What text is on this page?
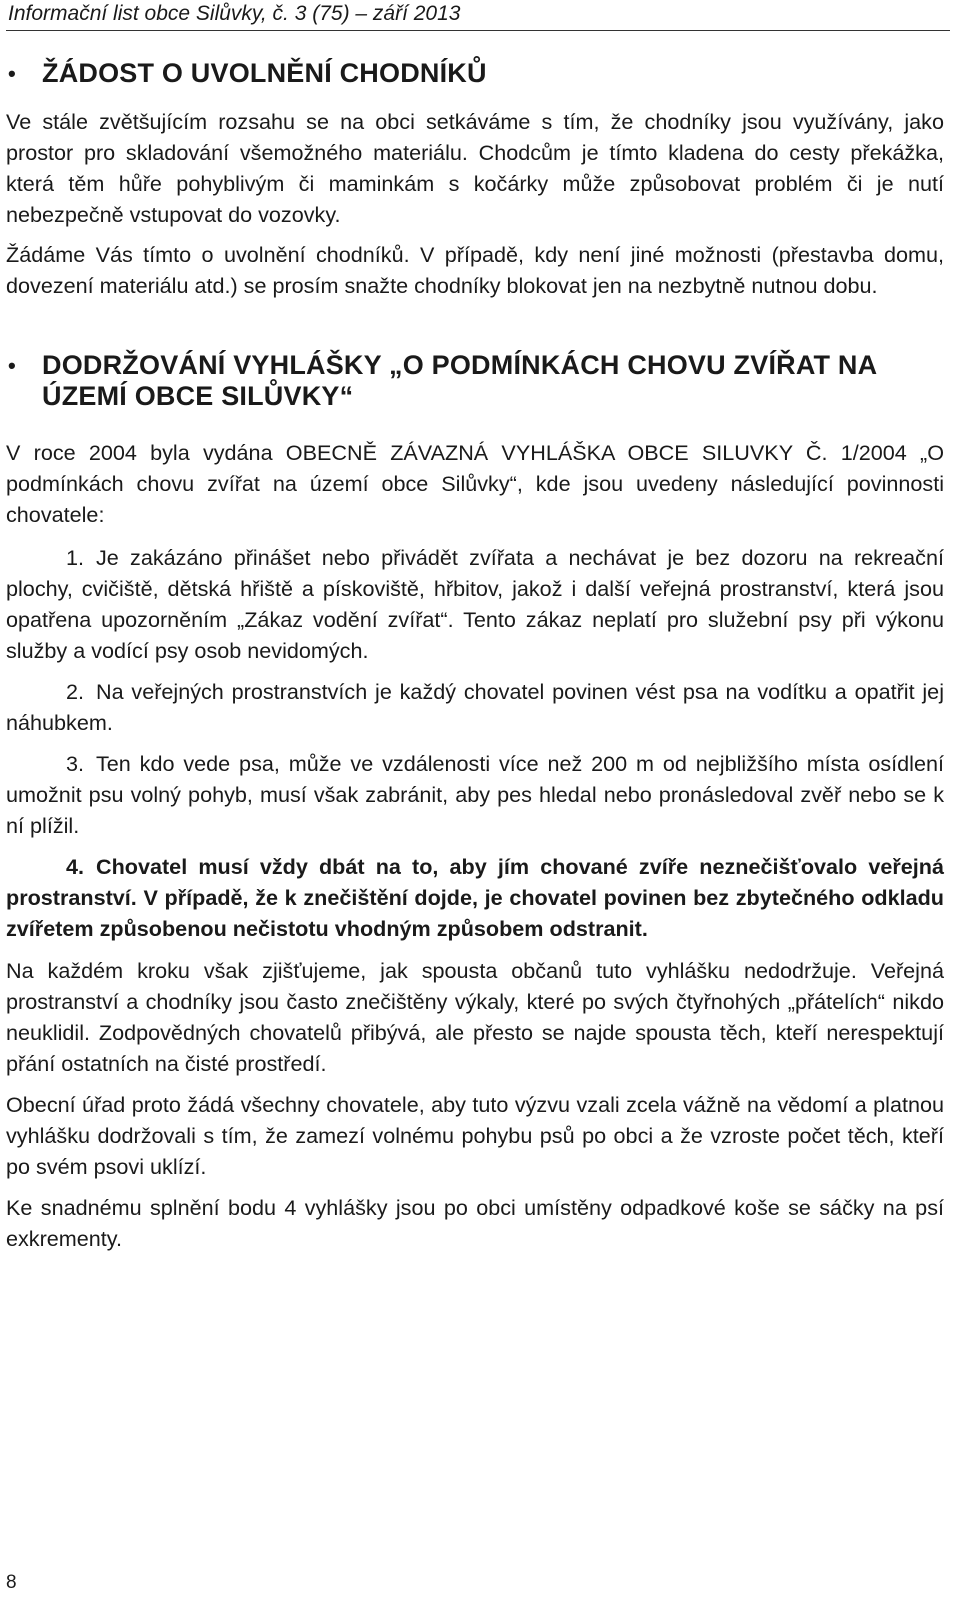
Informační list obce Silůvky, č. 3 (75) – září 2013
• ŽÁDOST O UVOLNĚNÍ CHODNÍKŮ

Ve stále zvětšujícím rozsahu se na obci setkáváme s tím, že chodníky jsou využívány, jako prostor pro skladování všemožného materiálu. Chodcům je tímto kladena do cesty překážka, která těm hůře pohyblivým či maminkám s kočárky může způsobovat problém či je nutí nebezpečně vstupovat do vozovky.

Žádáme Vás tímto o uvolnění chodníků. V případě, kdy není jiné možnosti (přestavba domu, dovezení materiálu atd.) se prosím snažte chodníky blokovat jen na nezbytně nutnou dobu.

• DODRŽOVÁNÍ VYHLÁŠKY „O PODMÍNKÁCH CHOVU ZVÍŘAT NA ÚZEMÍ OBCE SILŮVKY“

V roce 2004 byla vydána OBECNĚ ZÁVAZNÁ VYHLÁŠKA OBCE SILUVKY Č. 1/2004 „O podmínkách chovu zvířat na území obce Silůvky“, kde jsou uvedeny následující povinnosti chovatele:

1. Je zakázáno přinášet nebo přivádět zvířata a nechávat je bez dozoru na rekreační plochy, cvičiště, dětská hřiště a pískoviště, hřbitov, jakož i další veřejná prostranství, která jsou opatřena upozorněním „Zákaz vodění zvířat“. Tento zákaz neplatí pro služební psy při výkonu služby a vodící psy osob nevidomých.

2. Na veřejných prostranstvích je každý chovatel povinen vést psa na vodítku a opatřit jej náhubkem.

3. Ten kdo vede psa, může ve vzdálenosti více než 200 m od nejbližšího místa osídlení umožnit psu volný pohyb, musí však zabránit, aby pes hledal nebo pronásledoval zvěř nebo se k ní plížil.

4. Chovatel musí vždy dbát na to, aby jím chované zvíře neznečišťovalo veřejná prostranství. V případě, že k znečištění dojde, je chovatel povinen bez zbytečného odkladu zvířetem způsobenou nečistotu vhodným způsobem odstranit.

Na každém kroku však zjišťujeme, jak spousta občanů tuto vyhlášku nedodržuje. Veřejná prostranství a chodníky jsou často znečištěny výkaly, které po svých čtyřnohých „přátelích“ nikdo neuklidil. Zodpovědných chovatelů přibývá, ale přesto se najde spousta těch, kteří nerespektují přání ostatních na čisté prostředí.

Obecní úřad proto žádá všechny chovatele, aby tuto výzvu vzali zcela vážně na vědomí a platnou vyhlášku dodržovali s tím, že zamezí volnému pohybu psů po obci a že vzroste počet těch, kteří po svém psovi uklízí.

Ke snadnému splnění bodu 4 vyhlášky jsou po obci umístěny odpadkové koše se sáčky na psí exkrementy.

8
